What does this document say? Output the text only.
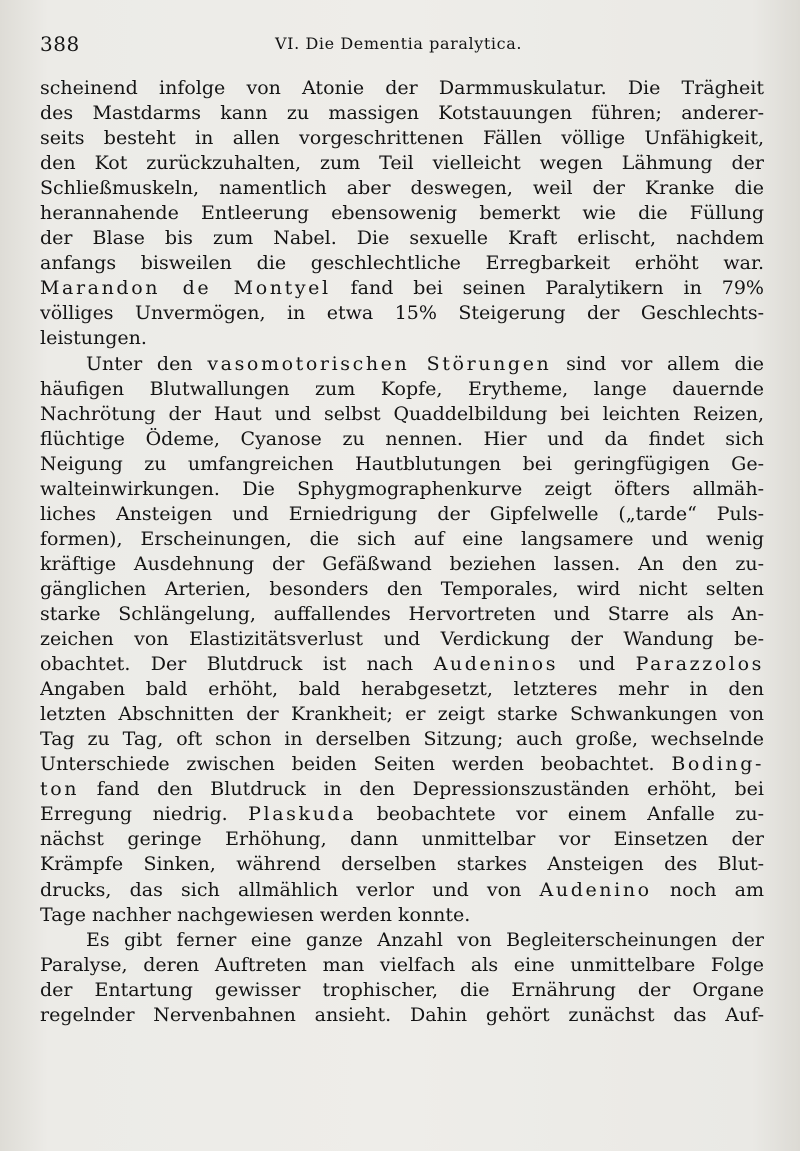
388	VI. Die Dementia paralytica.
scheinend infolge von Atonie der Darmmuskulatur. Die Trägheit
des Mastdarms kann zu massigen Kotstauungen führen; anderer-
seits besteht in allen vorgeschrittenen Fällen völlige Unfähigkeit,
den Kot zurückzuhalten, zum Teil vielleicht wegen Lähmung der
Schließmuskeln, namentlich aber deswegen, weil der Kranke die
herannahende Entleerung ebensowenig bemerkt wie die Füllung
der Blase bis zum Nabel. Die sexuelle Kraft erlischt, nachdem
anfangs bisweilen die geschlechtliche Erregbarkeit erhöht war.
Marandon de Montyel fand bei seinen Paralytikern in 79%
völliges Unvermögen, in etwa 15% Steigerung der Geschlechts-
leistungen.
Unter den vasomotorischen Störungen sind vor allem die
häufigen Blutwallungen zum Kopfe, Erytheme, lange dauernde
Nachrötung der Haut und selbst Quaddelbildung bei leichten Reizen,
flüchtige Ödeme, Cyanose zu nennen. Hier und da findet sich
Neigung zu umfangreichen Hautblutungen bei geringfügigen Ge-
walteinwirkungen. Die Sphygmographenkurve zeigt öfters allmäh-
liches Ansteigen und Erniedrigung der Gipfelwelle („tarde“ Puls-
formen), Erscheinungen, die sich auf eine langsamere und wenig
kräftige Ausdehnung der Gefäßwand beziehen lassen. An den zu-
gänglichen Arterien, besonders den Temporales, wird nicht selten
starke Schlängelung, auffallendes Hervortreten und Starre als An-
zeichen von Elastizitätsverlust und Verdickung der Wandung be-
obachtet. Der Blutdruck ist nach Audeninos und Parazzolos
Angaben bald erhöht, bald herabgesetzt, letzteres mehr in den
letzten Abschnitten der Krankheit; er zeigt starke Schwankungen von
Tag zu Tag, oft schon in derselben Sitzung; auch große, wechselnde
Unterschiede zwischen beiden Seiten werden beobachtet. Boding-
ton fand den Blutdruck in den Depressionszuständen erhöht, bei
Erregung niedrig. Plaskuda beobachtete vor einem Anfalle zu-
nächst geringe Erhöhung, dann unmittelbar vor Einsetzen der
Krämpfe Sinken, während derselben starkes Ansteigen des Blut-
drucks, das sich allmählich verlor und von Audenino noch am
Tage nachher nachgewiesen werden konnte.
Es gibt ferner eine ganze Anzahl von Begleiterscheinungen der
Paralyse, deren Auftreten man vielfach als eine unmittelbare Folge
der Entartung gewisser trophischer, die Ernährung der Organe
regelnder Nervenbahnen ansieht. Dahin gehört zunächst das Auf-
